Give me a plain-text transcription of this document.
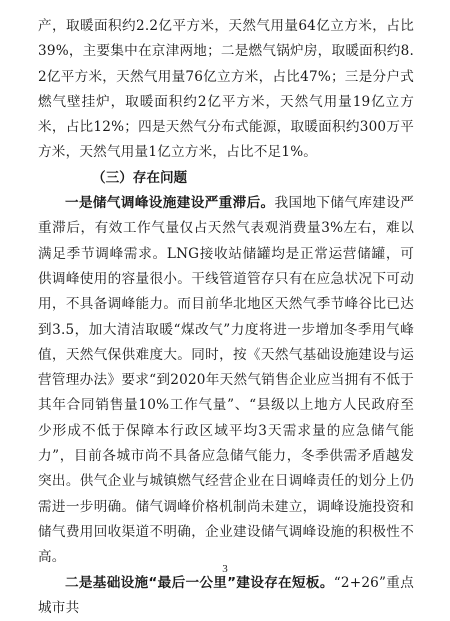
产，取暖面积约2.2亿平方米，天然气用量64亿立方米，占比39%，主要集中在京津两地；二是燃气锅炉房，取暖面积约8.2亿平方米，天然气用量76亿立方米，占比47%；三是分户式燃气壁挂炉，取暖面积约2亿平方米，天然气用量19亿立方米，占比12%；四是天然气分布式能源，取暖面积约300万平方米，天然气用量1亿立方米，占比不足1%。

（三）存在问题

一是储气调峰设施建设严重滞后。我国地下储气库建设严重滞后，有效工作气量仅占天然气表观消费量3%左右，难以满足季节调峰需求。LNG接收站储罐均是正常运营储罐，可供调峰使用的容量很小。干线管道管存只有在应急状况下可动用，不具备调峰能力。而目前华北地区天然气季节峰谷比已达到3.5，加大清洁取暖“煤改气”力度将进一步增加冬季用气峰值，天然气保供难度大。同时，按《天然气基础设施建设与运营管理办法》要求“到2020年天然气销售企业应当拥有不低于其年合同销售量10%工作气量”、“县级以上地方人民政府至少形成不低于保障本行政区域平均3天需求量的应急储气能力”，目前各城市尚不具备应急储气能力，冬季供需矛盾越发突出。供气企业与城镇燃气经营企业在日调峰责任的划分上仍需进一步明确。储气调峰价格机制尚未建立，调峰设施投资和储气费用回收渠道不明确，企业建设储气调峰设施的积极性不高。

二是基础设施“最后一公里”建设存在短板。“2+26”重点城市共

3
